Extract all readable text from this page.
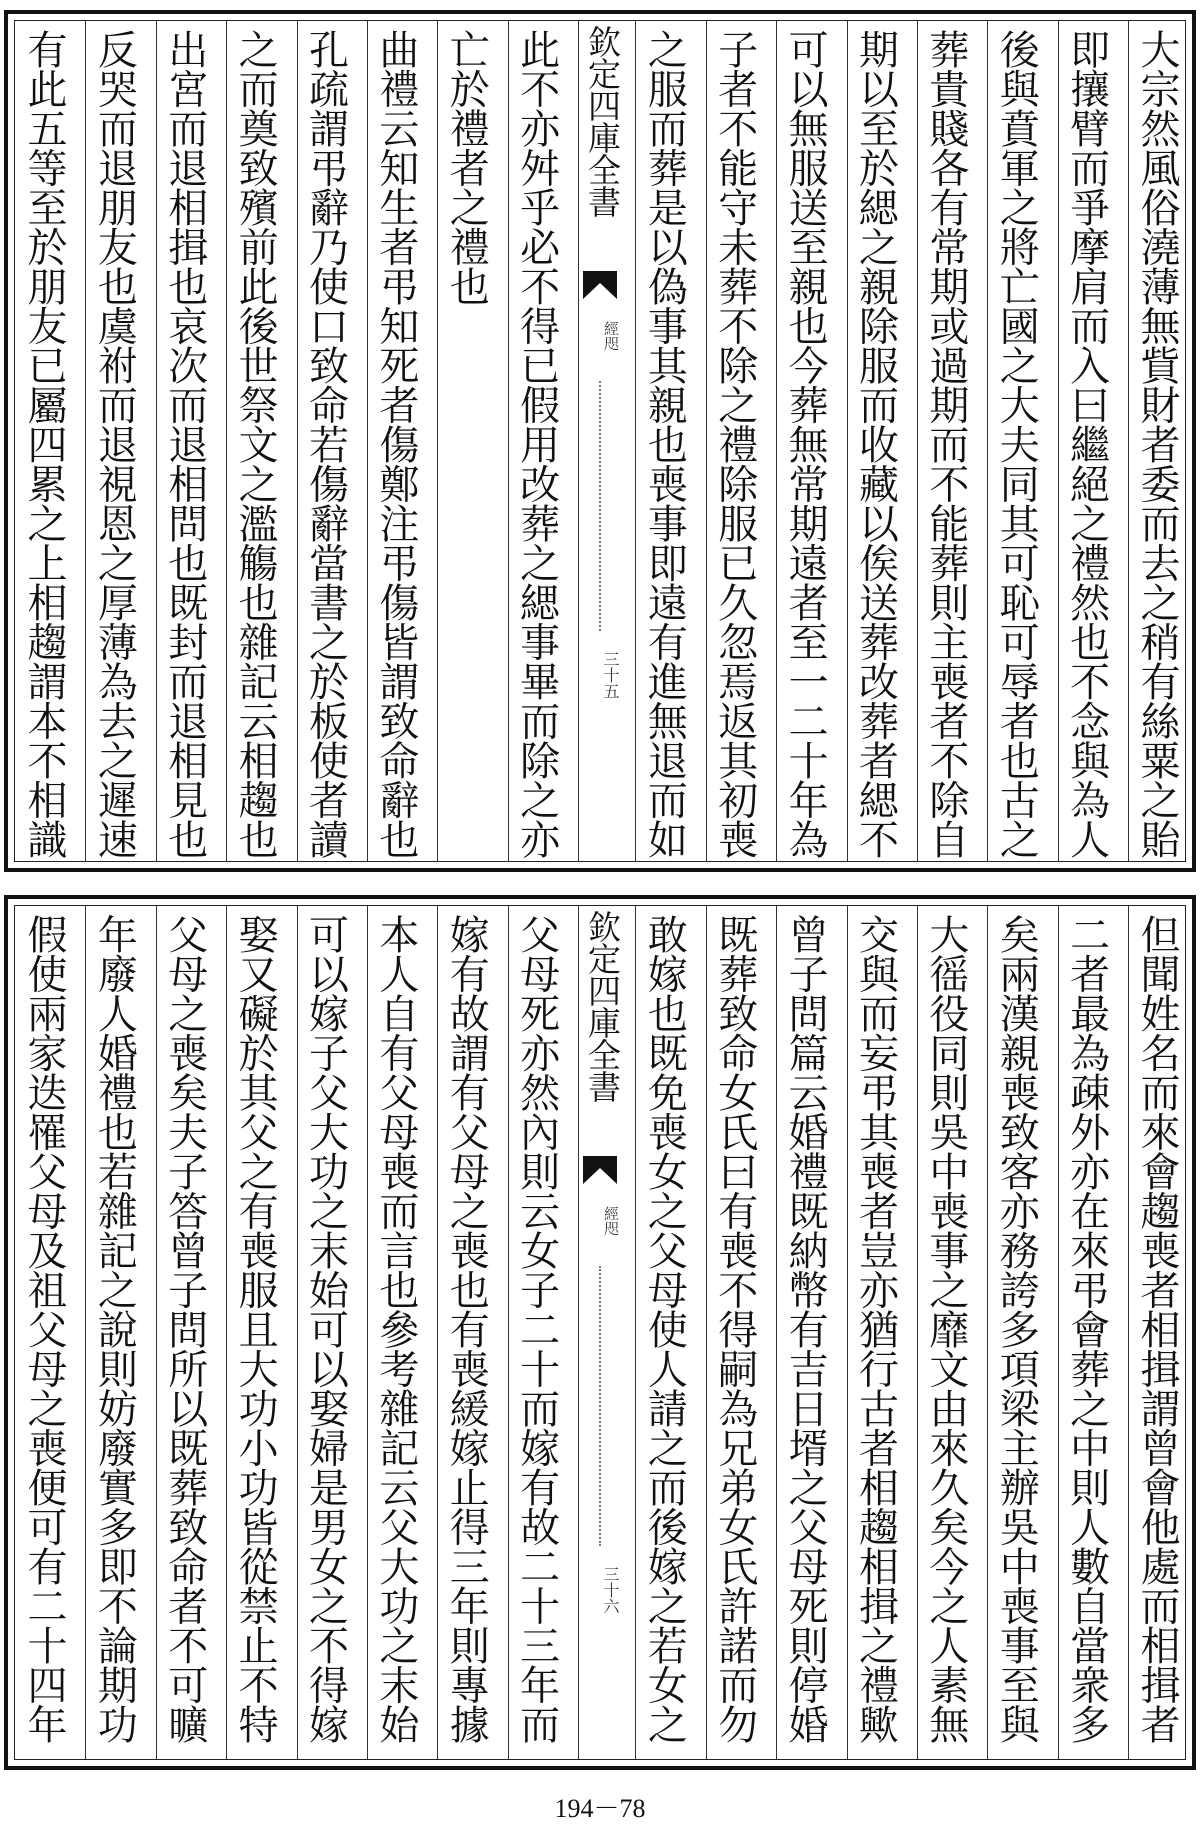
大宗然風俗澆薄無貲財者委而去之稍有絲粟之貽
即攘臂而爭摩肩而入曰繼絕之禮然也不念與為人
後與賁軍之將亡國之大夫同其可恥可辱者也古之
葬貴賤各有常期或過期而不能葬則主喪者不除自
期以至於緦之親除服而收藏以俟送葬改葬者緦不
可以無服送至親也今葬無常期遠者至一二十年為
子者不能守未葬不除之禮除服已久忽焉返其初喪
之服而葬是以偽事其親也喪事即遠有進無退而如
欽定四庫全書
經咫
三十五
此不亦舛乎必不得已假用改葬之緦事畢而除之亦
亡於禮者之禮也
曲禮云知生者弔知死者傷鄭注弔傷皆謂致命辭也
孔疏謂弔辭乃使口致命若傷辭當書之於板使者讀
之而奠致殯前此後世祭文之濫觴也雜記云相趨也
出宮而退相揖也哀次而退相問也既封而退相見也
反哭而退朋友也虞祔而退視恩之厚薄為去之遲速
有此五等至於朋友已屬四累之上相趨謂本不相識
但聞姓名而來會趨喪者相揖謂曾會他處而相揖者
二者最為疎外亦在來弔會葬之中則人數自當衆多
矣兩漢親喪致客亦務誇多項梁主辦吳中喪事至與
大徭役同則吳中喪事之靡文由來久矣今之人素無
交與而妄弔其喪者豈亦猶行古者相趨相揖之禮歟
曾子問篇云婚禮既納幣有吉日壻之父母死則停婚
既葬致命女氏曰有喪不得嗣為兄弟女氏許諾而勿
敢嫁也既免喪女之父母使人請之而後嫁之若女之
欽定四庫全書
經咫
三十六
父母死亦然內則云女子二十而嫁有故二十三年而
嫁有故謂有父母之喪也有喪緩嫁止得三年則專據
本人自有父母喪而言也參考雜記云父大功之末始
可以嫁子父大功之末始可以娶婦是男女之不得嫁
娶又礙於其父之有喪服且大功小功皆從禁止不特
父母之喪矣夫子答曾子問所以既葬致命者不可曠
年廢人婚禮也若雜記之說則妨廢實多即不論期功
假使兩家迭罹父母及祖父母之喪便可有二十四年
194－78
